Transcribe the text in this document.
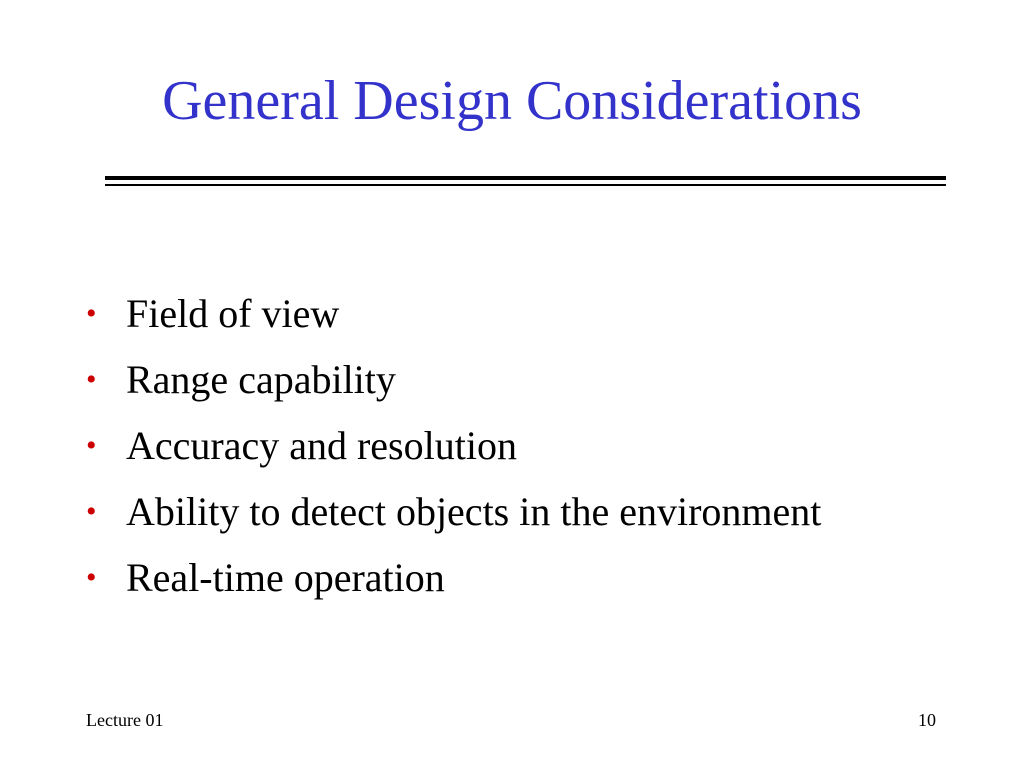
General Design Considerations
• Field of view
• Range capability
• Accuracy and resolution
• Ability to detect objects in the environment
• Real-time operation
Lecture 01	10
